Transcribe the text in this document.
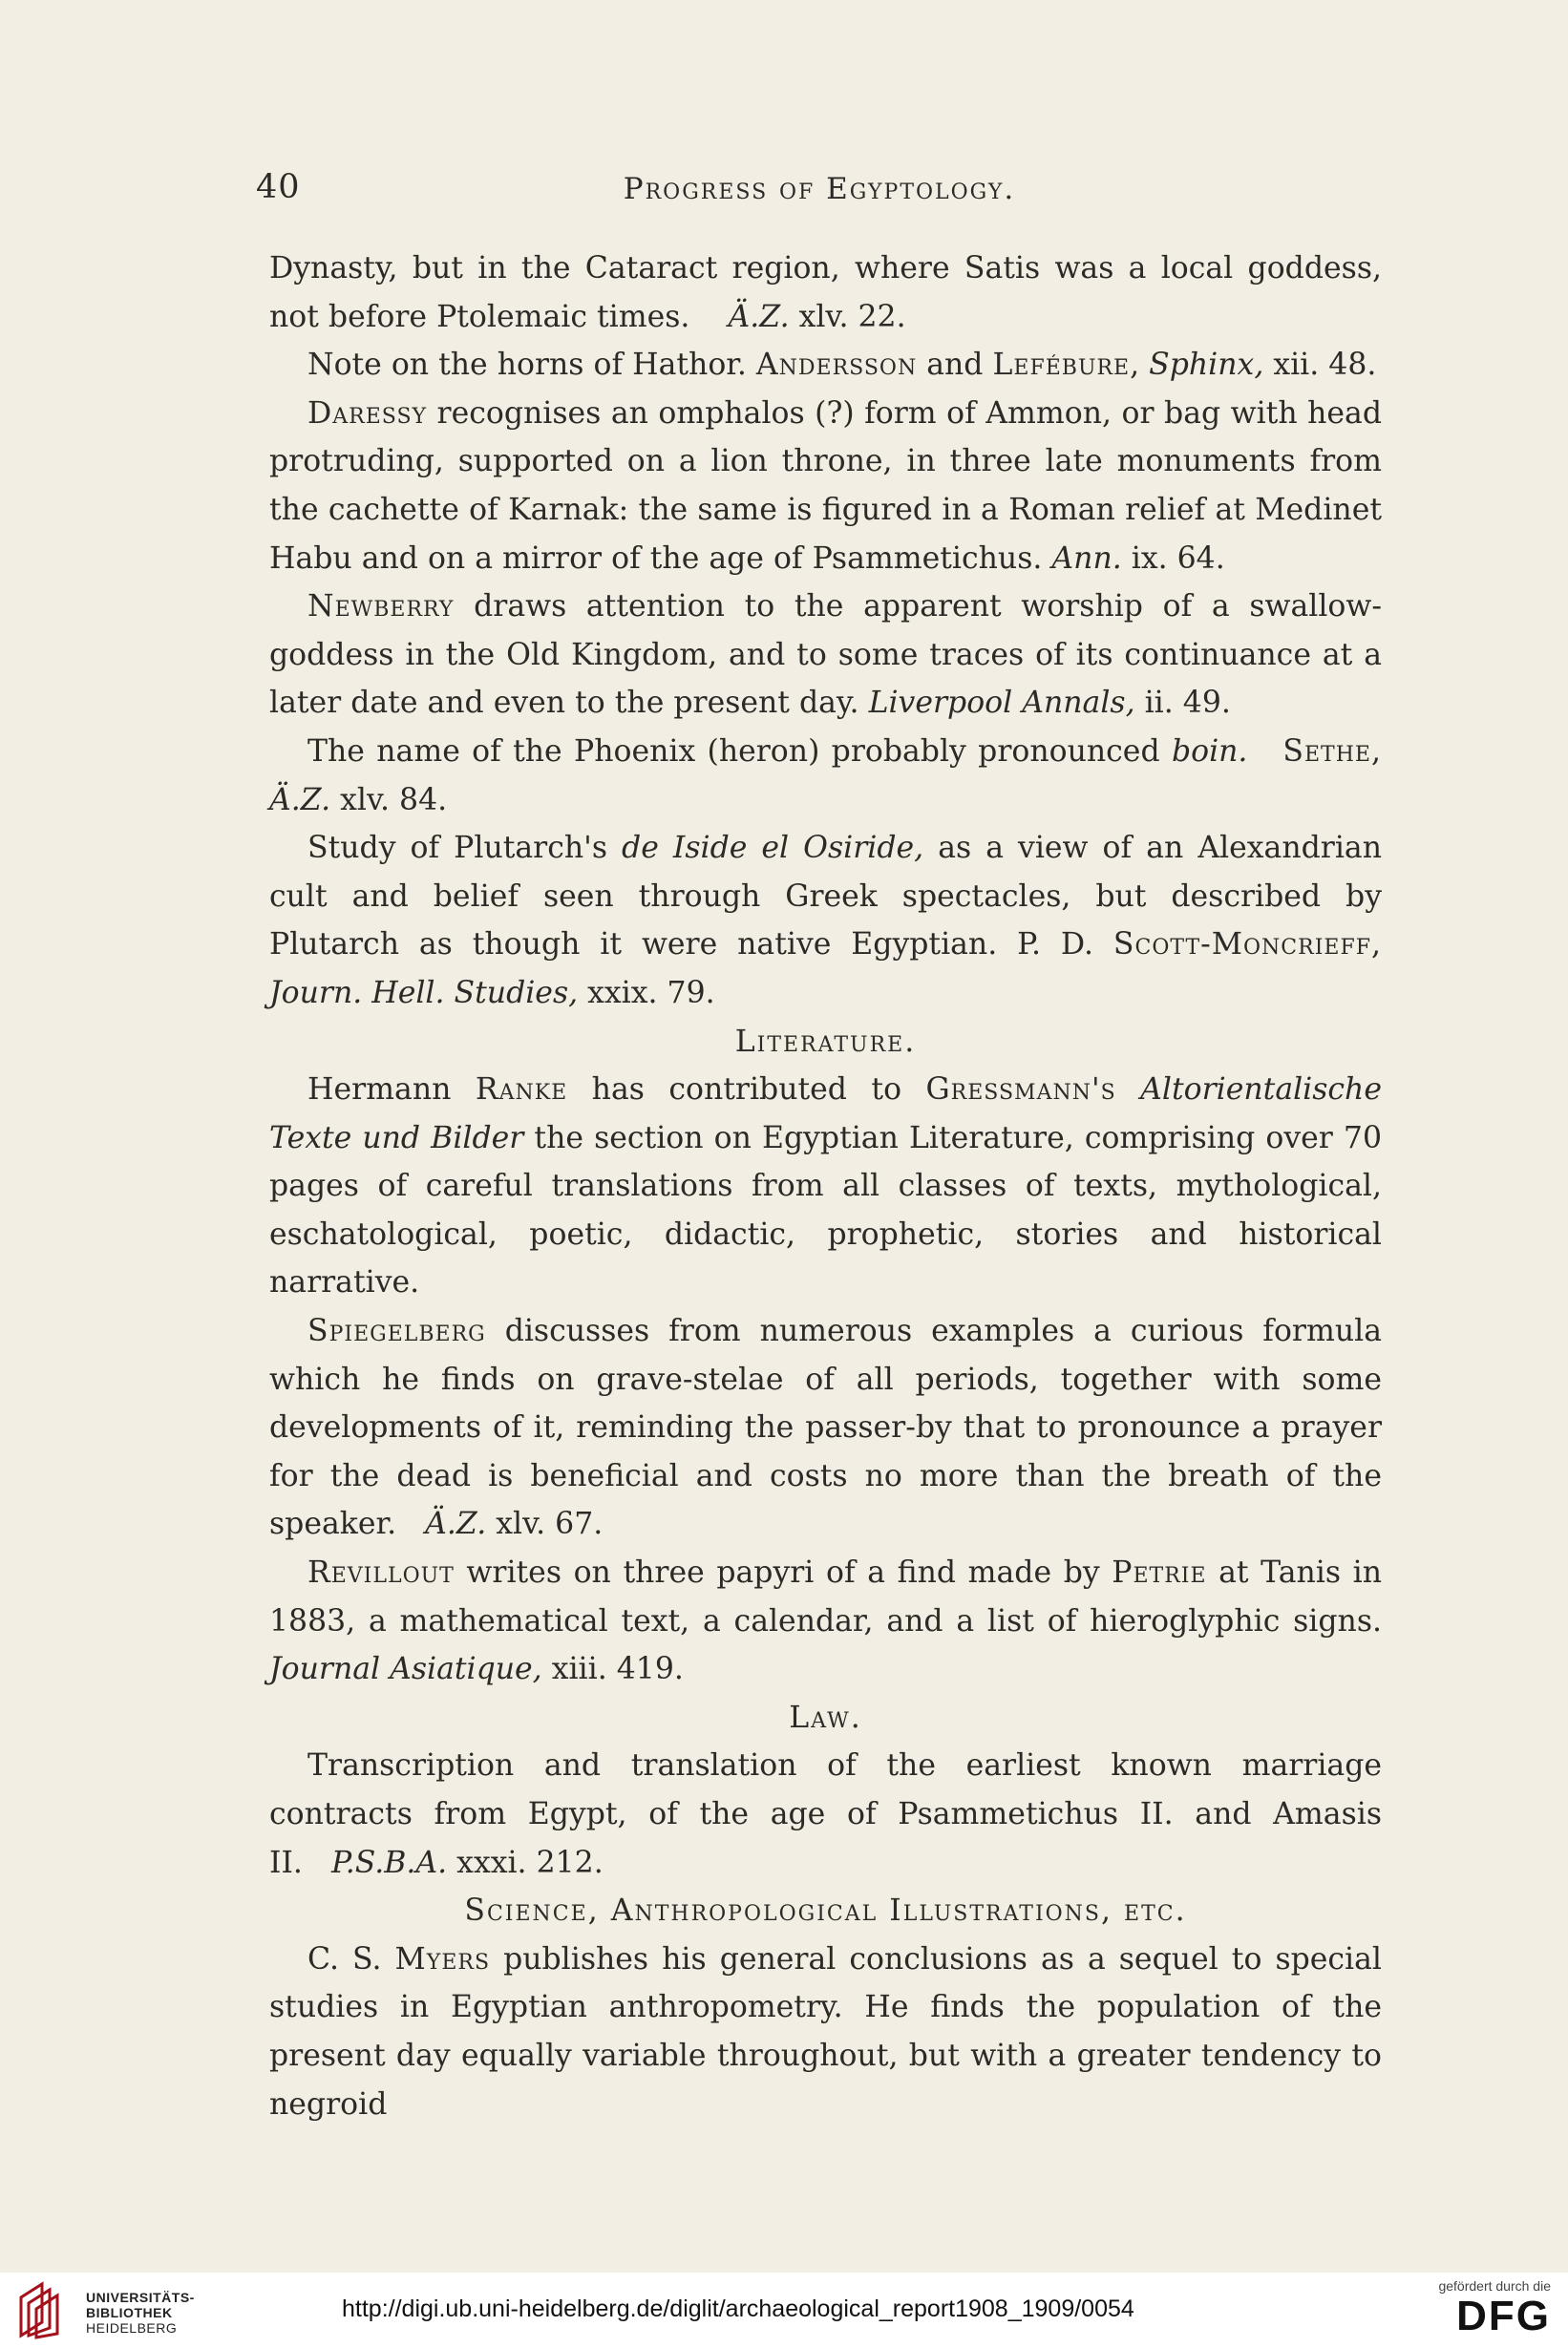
40	Progress of Egyptology.

Dynasty, but in the Cataract region, where Satis was a local goddess, not before Ptolemaic times. Ä.Z. xlv. 22.

Note on the horns of Hathor. Andersson and Lefébure, Sphinx, xii. 48.

Daressy recognises an omphalos (?) form of Ammon, or bag with head protruding, supported on a lion throne, in three late monuments from the cachette of Karnak: the same is figured in a Roman relief at Medinet Habu and on a mirror of the age of Psammetichus. Ann. ix. 64.

Newberry draws attention to the apparent worship of a swallow-goddess in the Old Kingdom, and to some traces of its continuance at a later date and even to the present day. Liverpool Annals, ii. 49.

The name of the Phoenix (heron) probably pronounced boin. Sethe, Ä.Z. xlv. 84.

Study of Plutarch's de Iside el Osiride, as a view of an Alexandrian cult and belief seen through Greek spectacles, but described by Plutarch as though it were native Egyptian. P. D. Scott-Moncrieff, Journ. Hell. Studies, xxix. 79.

Literature.

Hermann Ranke has contributed to Gressmann's Altorientalische Texte und Bilder the section on Egyptian Literature, comprising over 70 pages of careful translations from all classes of texts, mythological, eschatological, poetic, didactic, prophetic, stories and historical narrative.

Spiegelberg discusses from numerous examples a curious formula which he finds on grave-stelae of all periods, together with some developments of it, reminding the passer-by that to pronounce a prayer for the dead is beneficial and costs no more than the breath of the speaker. Ä.Z. xlv. 67.

Revillout writes on three papyri of a find made by Petrie at Tanis in 1883, a mathematical text, a calendar, and a list of hieroglyphic signs. Journal Asiatique, xiii. 419.

Law.

Transcription and translation of the earliest known marriage contracts from Egypt, of the age of Psammetichus II. and Amasis II. P.S.B.A. xxxi. 212.

Science, Anthropological Illustrations, etc.

C. S. Myers publishes his general conclusions as a sequel to special studies in Egyptian anthropometry. He finds the population of the present day equally variable throughout, but with a greater tendency to negroid

UNIVERSITÄTS-
BIBLIOTHEK
HEIDELBERG
http://digi.ub.uni-heidelberg.de/diglit/archaeological_report1908_1909/0054
gefördert durch die
DFG
